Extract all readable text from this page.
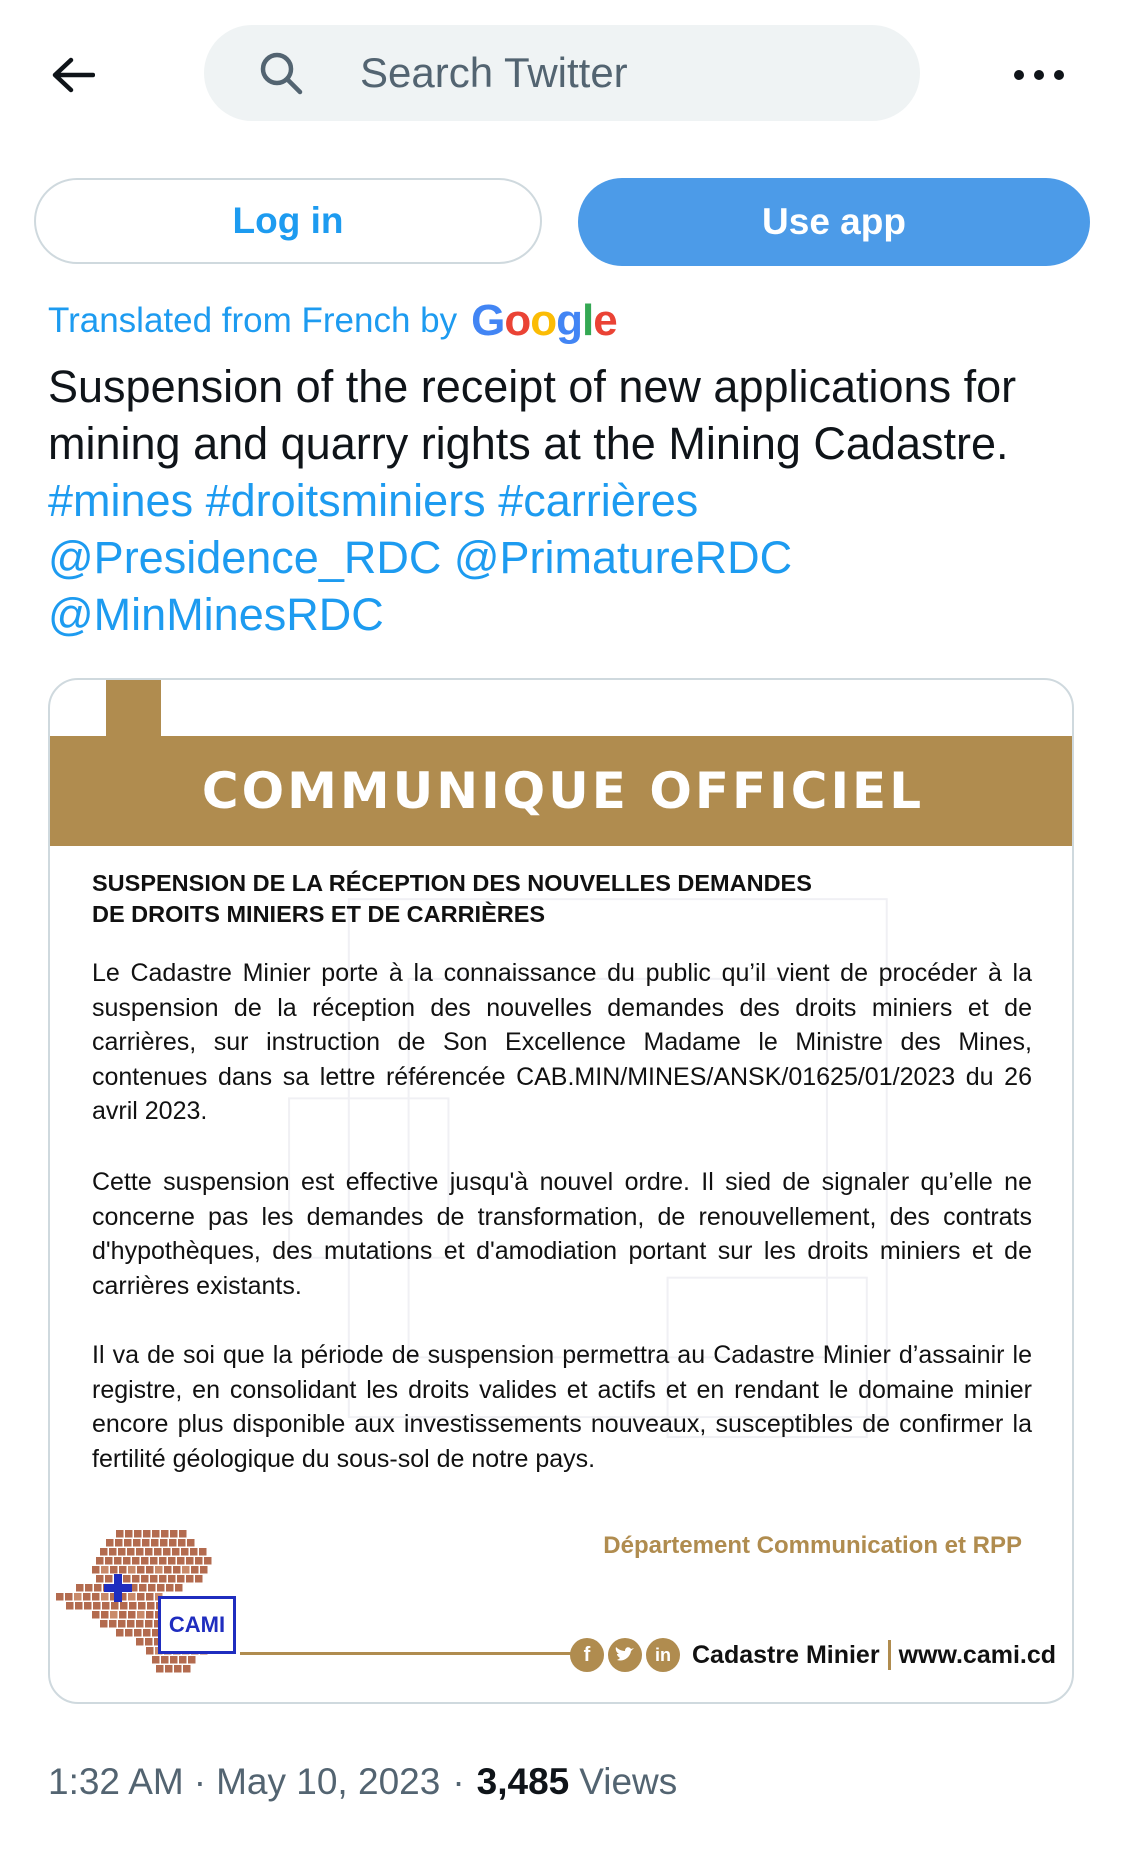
Search Twitter
Log in	Use app
Translated from French by Google

Suspension of the receipt of new applications for mining and quarry rights at the Mining Cadastre. #mines #droitsminiers #carrières @Presidence_RDC @PrimatureRDC
@MinMinesRDC

COMMUNIQUE OFFICIEL
SUSPENSION DE LA RÉCEPTION DES NOUVELLES DEMANDES
DE DROITS MINIERS ET DE CARRIÈRES

Le Cadastre Minier porte à la connaissance du public qu’il vient de procéder à la suspension de la réception des nouvelles demandes des droits miniers et de carrières, sur instruction de Son Excellence Madame le Ministre des Mines, contenues dans sa lettre référencée CAB.MIN/MINES/ANSK/01625/01/2023 du 26 avril 2023.

Cette suspension est effective jusqu'à nouvel ordre. Il sied de signaler qu’elle ne concerne pas les demandes de transformation, de renouvellement, des contrats d'hypothèques, des mutations et d'amodiation portant sur les droits miniers et de carrières existants.

Il va de soi que la période de suspension permettra au Cadastre Minier d’assainir le registre, en consolidant les droits valides et actifs et en rendant le domaine minier encore plus disponible aux investissements nouveaux, susceptibles de confirmer la fertilité géologique du sous-sol de notre pays.

Département Communication et RPP
CAMI
f	in Cadastre Minier www.cami.cd
1:32 AM · May 10, 2023 · 3,485 Views
